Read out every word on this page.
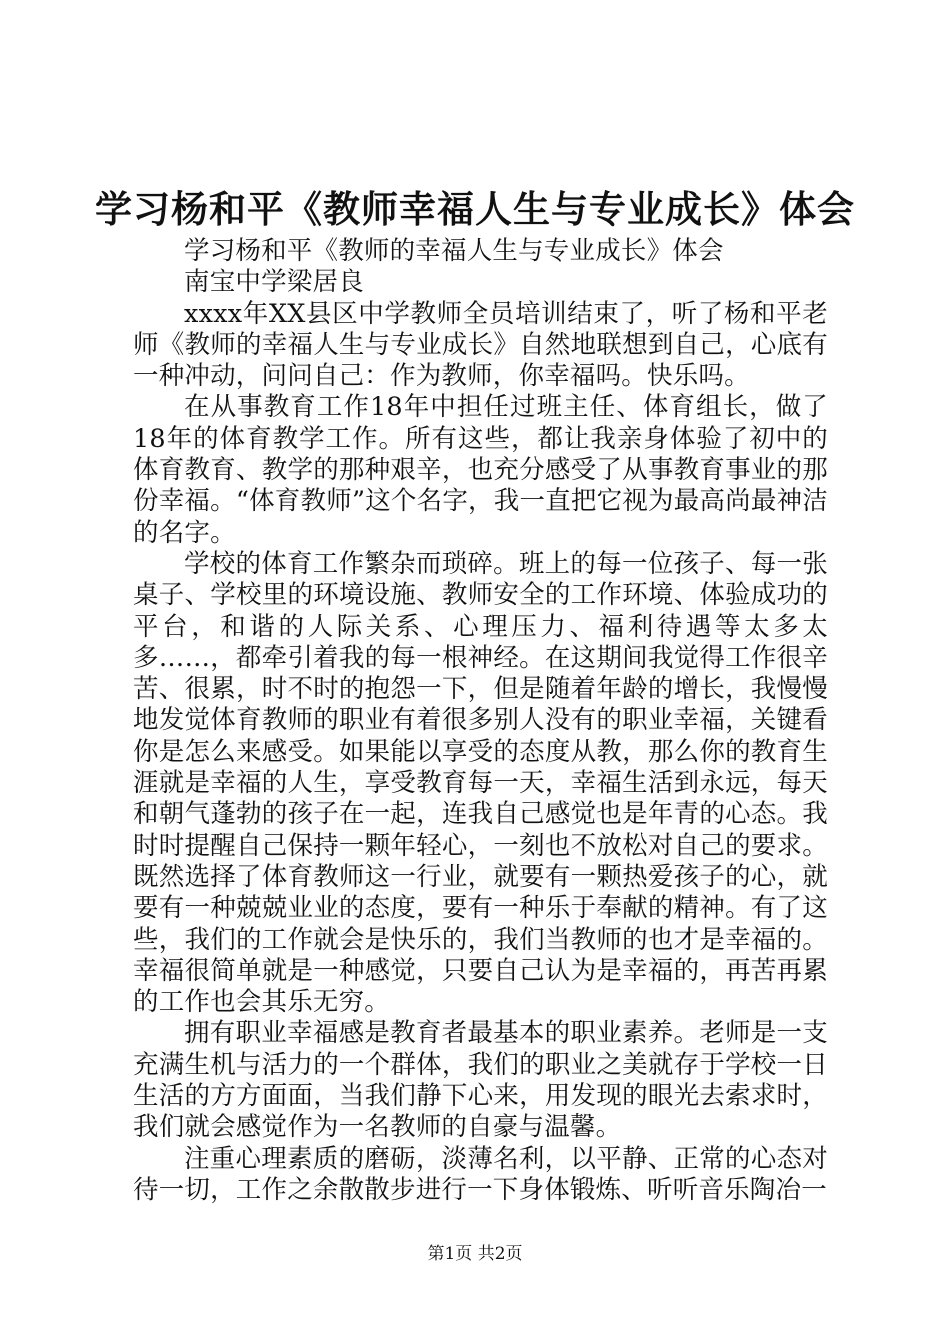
学习杨和平《教师幸福人生与专业成长》体会

学习杨和平《教师的幸福人生与专业成长》体会

南宝中学梁居良

xxxx年XX县区中学教师全员培训结束了，听了杨和平老师《教师的幸福人生与专业成长》自然地联想到自己，心底有一种冲动，问问自己：作为教师，你幸福吗。快乐吗。

在从事教育工作18年中担任过班主任、体育组长，做了18年的体育教学工作。所有这些，都让我亲身体验了初中的体育教育、教学的那种艰辛，也充分感受了从事教育事业的那份幸福。“体育教师”这个名字，我一直把它视为最高尚最神洁的名字。

学校的体育工作繁杂而琐碎。班上的每一位孩子、每一张桌子、学校里的环境设施、教师安全的工作环境、体验成功的平台，和谐的人际关系、心理压力、福利待遇等太多太多……，都牵引着我的每一根神经。在这期间我觉得工作很辛苦、很累，时不时的抱怨一下，但是随着年龄的增长，我慢慢地发觉体育教师的职业有着很多别人没有的职业幸福，关键看你是怎么来感受。如果能以享受的态度从教，那么你的教育生涯就是幸福的人生，享受教育每一天，幸福生活到永远，每天和朝气蓬勃的孩子在一起，连我自己感觉也是年青的心态。我时时提醒自己保持一颗年轻心，一刻也不放松对自己的要求。既然选择了体育教师这一行业，就要有一颗热爱孩子的心，就要有一种兢兢业业的态度，要有一种乐于奉献的精神。有了这些，我们的工作就会是快乐的，我们当教师的也才是幸福的。幸福很简单就是一种感觉，只要自己认为是幸福的，再苦再累的工作也会其乐无穷。

拥有职业幸福感是教育者最基本的职业素养。老师是一支充满生机与活力的一个群体，我们的职业之美就存于学校一日生活的方方面面，当我们静下心来，用发现的眼光去索求时，我们就会感觉作为一名教师的自豪与温馨。

注重心理素质的磨砺，淡薄名利，以平静、正常的心态对待一切，工作之余散散步进行一下身体锻炼、听听音乐陶冶一

第1页 共2页
